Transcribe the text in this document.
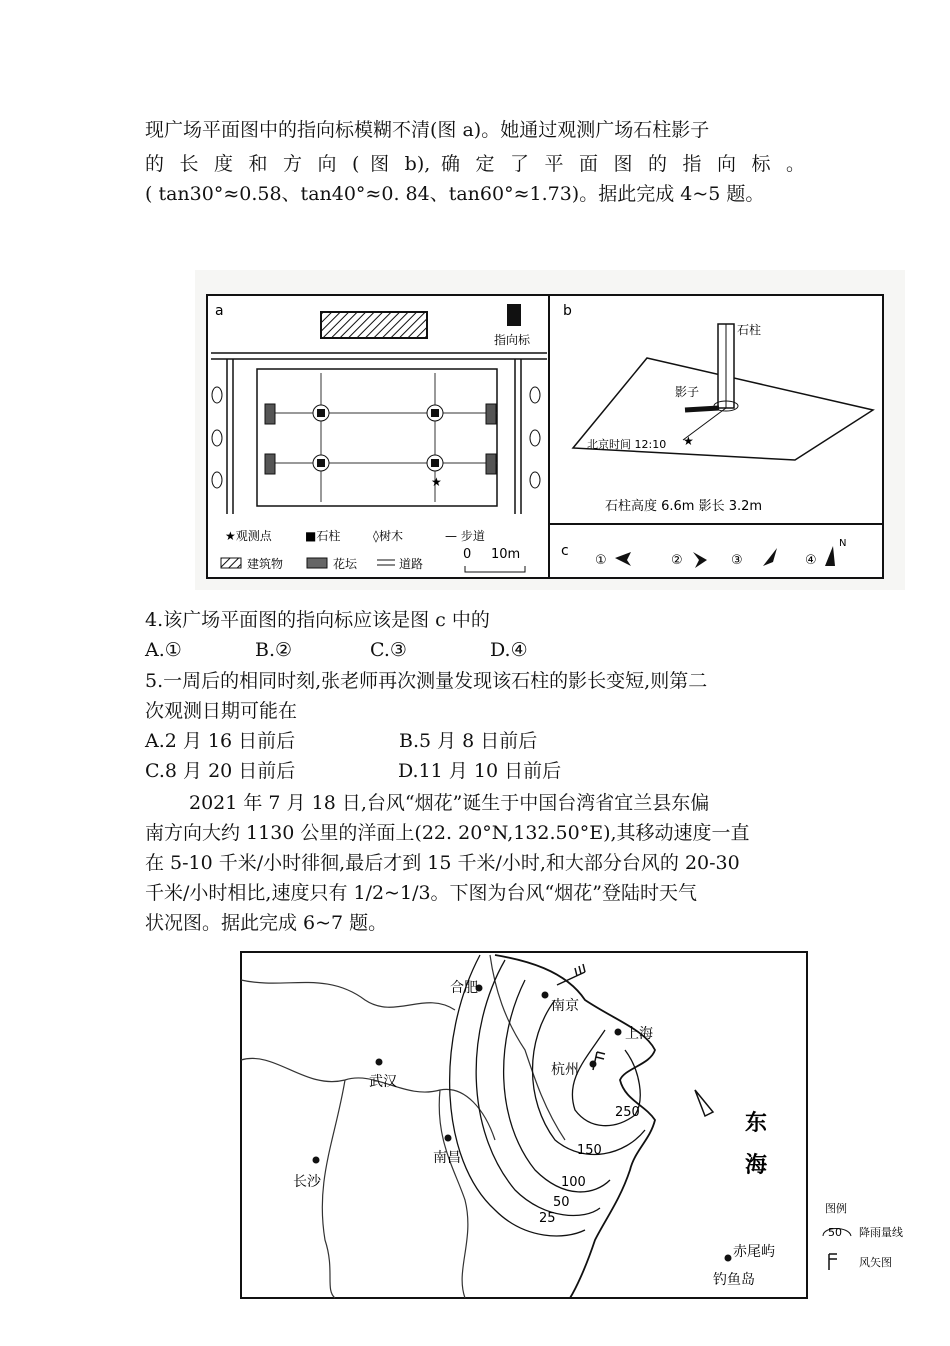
现广场平面图中的指向标模糊不清(图 a)。她通过观测广场石柱影子
的 长 度 和 方 向 ( 图 b), 确 定 了 平 面 图 的 指 向 标 。
( tan30°≈0.58、tan40°≈0. 84、tan60°≈1.73)。据此完成 4~5 题。
a
指向标
★
★观测点	■石柱	◊树木	— 步道
建筑物	花坛	道路
0 10m
b
★
石柱
影子
北京时间 12:10
石柱高度 6.6m 影长 3.2m
c
①	②	③	④
N
4.该广场平面图的指向标应该是图 c 中的
A.①	B.②	C.③	D.④
5.一周后的相同时刻,张老师再次测量发现该石柱的影长变短,则第二
次观测日期可能在
A.2 月 16 日前后	B.5 月 8 日前后
C.8 月 20 日前后	D.11 月 10 日前后
2021 年 7 月 18 日,台风“烟花”诞生于中国台湾省宜兰县东偏
南方向大约 1130 公里的洋面上(22. 20°N,132.50°E),其移动速度一直
在 5-10 千米/小时徘徊,最后才到 15 千米/小时,和大部分台风的 20-30
千米/小时相比,速度只有 1/2~1/3。下图为台风“烟花”登陆时天气
状况图。据此完成 6~7 题。
合肥
南京
上海
杭州
武汉
南昌
长沙
赤尾屿
钓鱼岛
东
海
250
150
100
50
25
图例
50 降雨量线
风矢图
